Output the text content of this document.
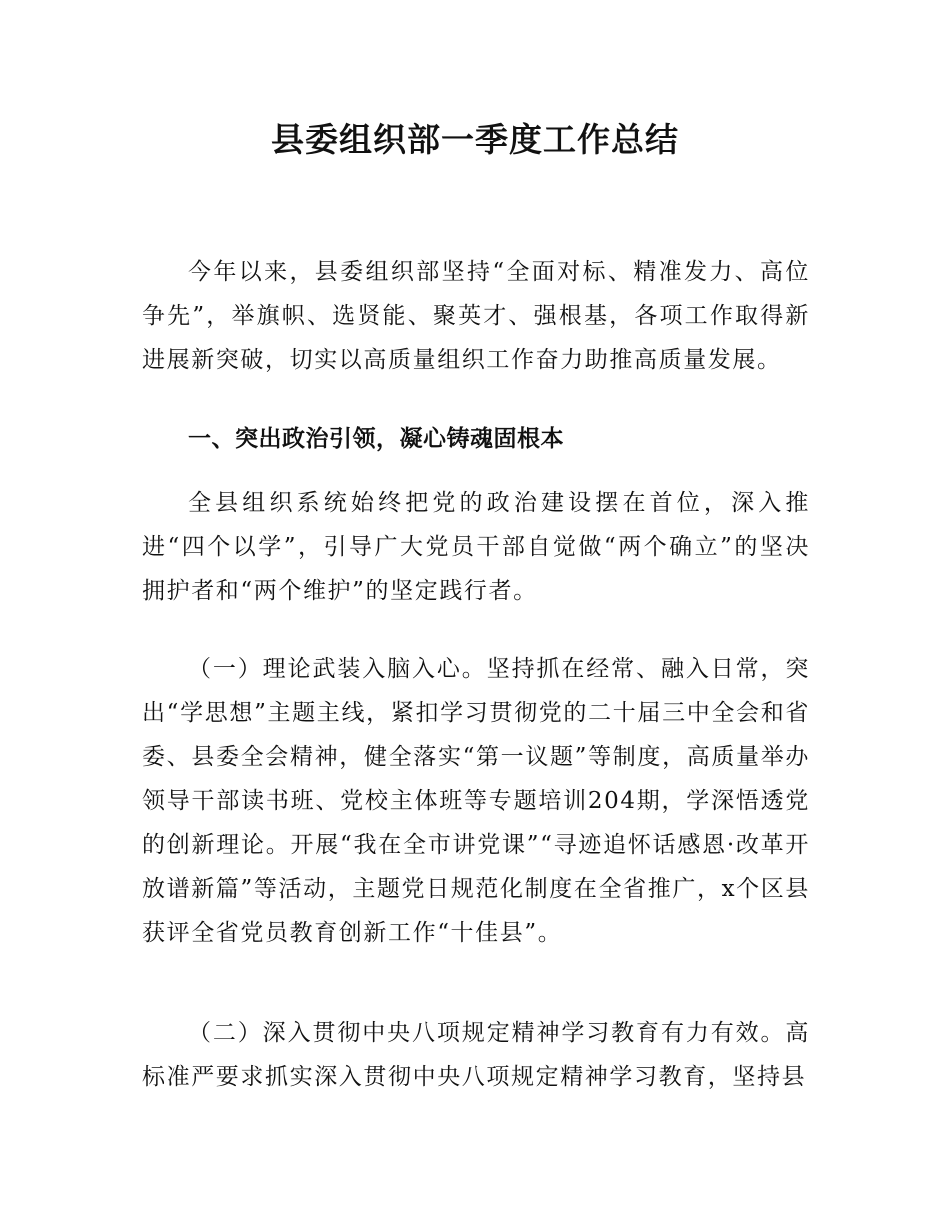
县委组织部一季度工作总结

今年以来，县委组织部坚持“全面对标、精准发力、高位争先”，举旗帜、选贤能、聚英才、强根基，各项工作取得新进展新突破，切实以高质量组织工作奋力助推高质量发展。

一、突出政治引领，凝心铸魂固根本

全县组织系统始终把党的政治建设摆在首位，深入推进“四个以学”，引导广大党员干部自觉做“两个确立”的坚决拥护者和“两个维护”的坚定践行者。

（一）理论武装入脑入心。坚持抓在经常、融入日常，突出“学思想”主题主线，紧扣学习贯彻党的二十届三中全会和省委、县委全会精神，健全落实“第一议题”等制度，高质量举办领导干部读书班、党校主体班等专题培训204期，学深悟透党的创新理论。开展“我在全市讲党课”“寻迹追怀话感恩·改革开放谱新篇”等活动，主题党日规范化制度在全省推广，x个区县获评全省党员教育创新工作“十佳县”。

（二）深入贯彻中央八项规定精神学习教育有力有效。高标准严要求抓实深入贯彻中央八项规定精神学习教育，坚持县
